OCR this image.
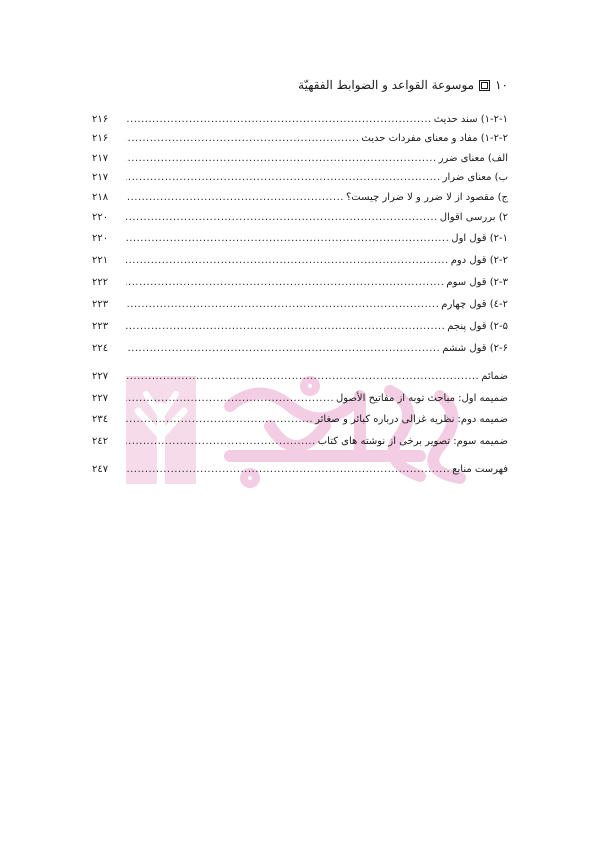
۱۰
موسوعة القواعد و الضوابط الفقهيّة
۱-۲-۱) سند حدیث
.....
۲۱۶
۱-۲-۲) مفاد و معنای مفردات حدیث
.....
۲۱۶
الف) معنای ضرر
.....
۲۱۷
ب) معنای ضرار
.....
۲۱۷
ج) مقصود از لا ضرر و لا ضرار چیست؟
.....
۲۱۸
۲) بررسی اقوال
.....
۲۲۰
۲-۱) قول اول
.....
۲۲۰
۲-۲) قول دوم
.....
۲۲۱
۲-۳) قول سوم
.....
۲۲۲
۲-٤) قول چهارم
.....
۲۲۳
۲-۵) قول پنجم
.....
۲۲۳
۲-۶) قول ششم
.....
۲۲٤
ضمائم
.....
۲۲۷
ضمیمه اول: مباحث توبه از مفاتیح الأصول
.....
۲۲۷
ضمیمه دوم: نظریه غزالی درباره کبائر و صغائر
.....
۲۳٤
ضمیمه سوم: تصویر برخی از نوشته های کتاب
.....
۲٤۲
فهرست منابع
.....
۲٤۷
